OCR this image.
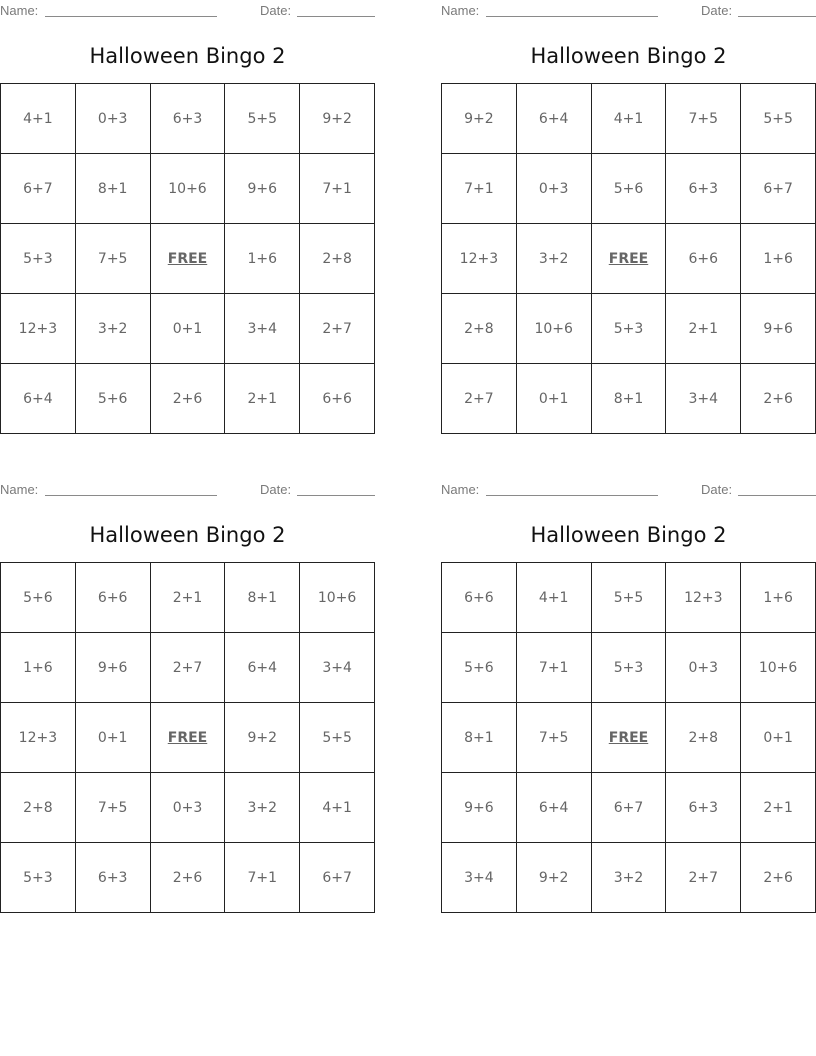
Name:	Date:
Halloween Bingo 2
4+1	0+3	6+3	5+5	9+2
6+7	8+1	10+6	9+6	7+1
5+3	7+5	FREE	1+6	2+8
12+3	3+2	0+1	3+4	2+7
6+4	5+6	2+6	2+1	6+6
Name:	Date:
Halloween Bingo 2
9+2	6+4	4+1	7+5	5+5
7+1	0+3	5+6	6+3	6+7
12+3	3+2	FREE	6+6	1+6
2+8	10+6	5+3	2+1	9+6
2+7	0+1	8+1	3+4	2+6
Name:	Date:
Halloween Bingo 2
5+6	6+6	2+1	8+1	10+6
1+6	9+6	2+7	6+4	3+4
12+3	0+1	FREE	9+2	5+5
2+8	7+5	0+3	3+2	4+1
5+3	6+3	2+6	7+1	6+7
Name:	Date:
Halloween Bingo 2
6+6	4+1	5+5	12+3	1+6
5+6	7+1	5+3	0+3	10+6
8+1	7+5	FREE	2+8	0+1
9+6	6+4	6+7	6+3	2+1
3+4	9+2	3+2	2+7	2+6
